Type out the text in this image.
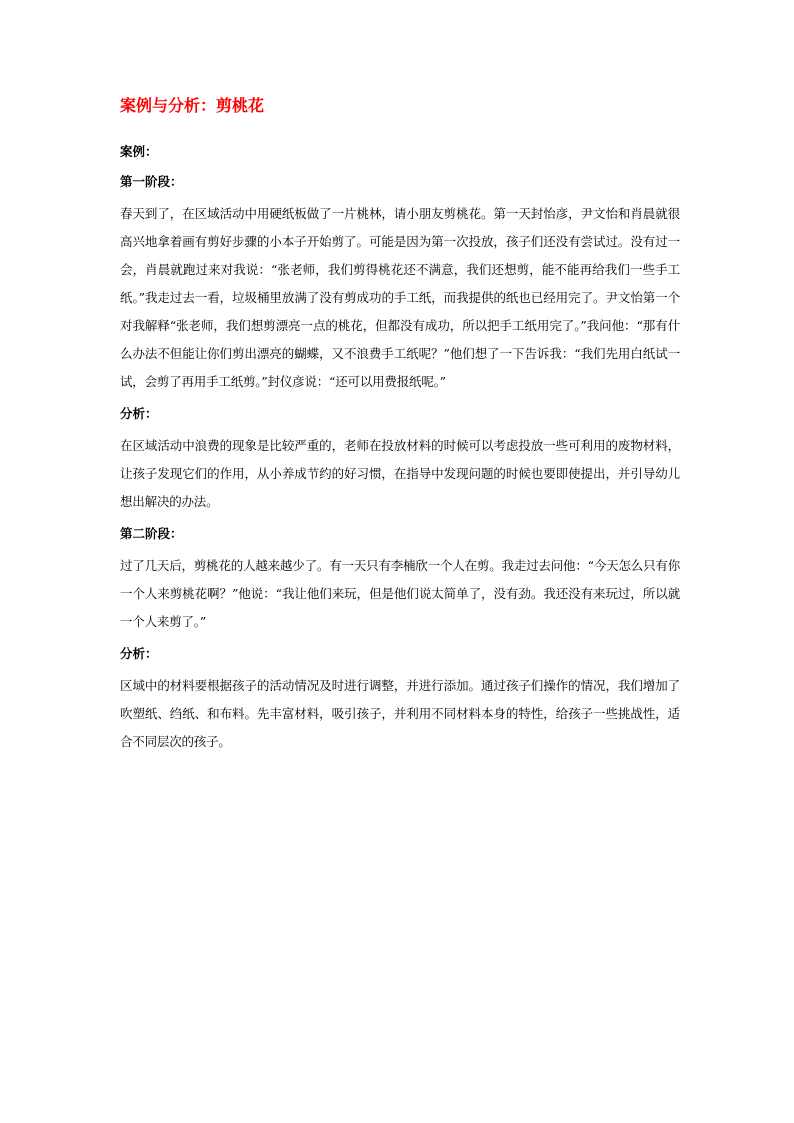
案例与分析：剪桃花
案例：
第一阶段：
春天到了，在区域活动中用硬纸板做了一片桃林，请小朋友剪桃花。第一天封怡彦，尹文怡和肖晨就很高兴地拿着画有剪好步骤的小本子开始剪了。可能是因为第一次投放，孩子们还没有尝试过。没有过一会，肖晨就跑过来对我说：“张老师，我们剪得桃花还不满意，我们还想剪，能不能再给我们一些手工纸。”我走过去一看，垃圾桶里放满了没有剪成功的手工纸，而我提供的纸也已经用完了。尹文怡第一个对我解释“张老师，我们想剪漂亮一点的桃花，但都没有成功，所以把手工纸用完了。”我问他：“那有什么办法不但能让你们剪出漂亮的蝴蝶，又不浪费手工纸呢？”他们想了一下告诉我：“我们先用白纸试一试，会剪了再用手工纸剪。”封仪彦说：“还可以用费报纸呢。”
分析：
在区域活动中浪费的现象是比较严重的，老师在投放材料的时候可以考虑投放一些可利用的废物材料，让孩子发现它们的作用，从小养成节约的好习惯，在指导中发现问题的时候也要即使提出，并引导幼儿想出解决的办法。
第二阶段：
过了几天后，剪桃花的人越来越少了。有一天只有李楠欣一个人在剪。我走过去问他：“今天怎么只有你一个人来剪桃花啊？”他说：“我让他们来玩，但是他们说太简单了，没有劲。我还没有来玩过，所以就一个人来剪了。”
分析：
区域中的材料要根据孩子的活动情况及时进行调整，并进行添加。通过孩子们操作的情况，我们增加了吹塑纸、绉纸、和布料。先丰富材料，吸引孩子，并利用不同材料本身的特性，给孩子一些挑战性，适合不同层次的孩子。
